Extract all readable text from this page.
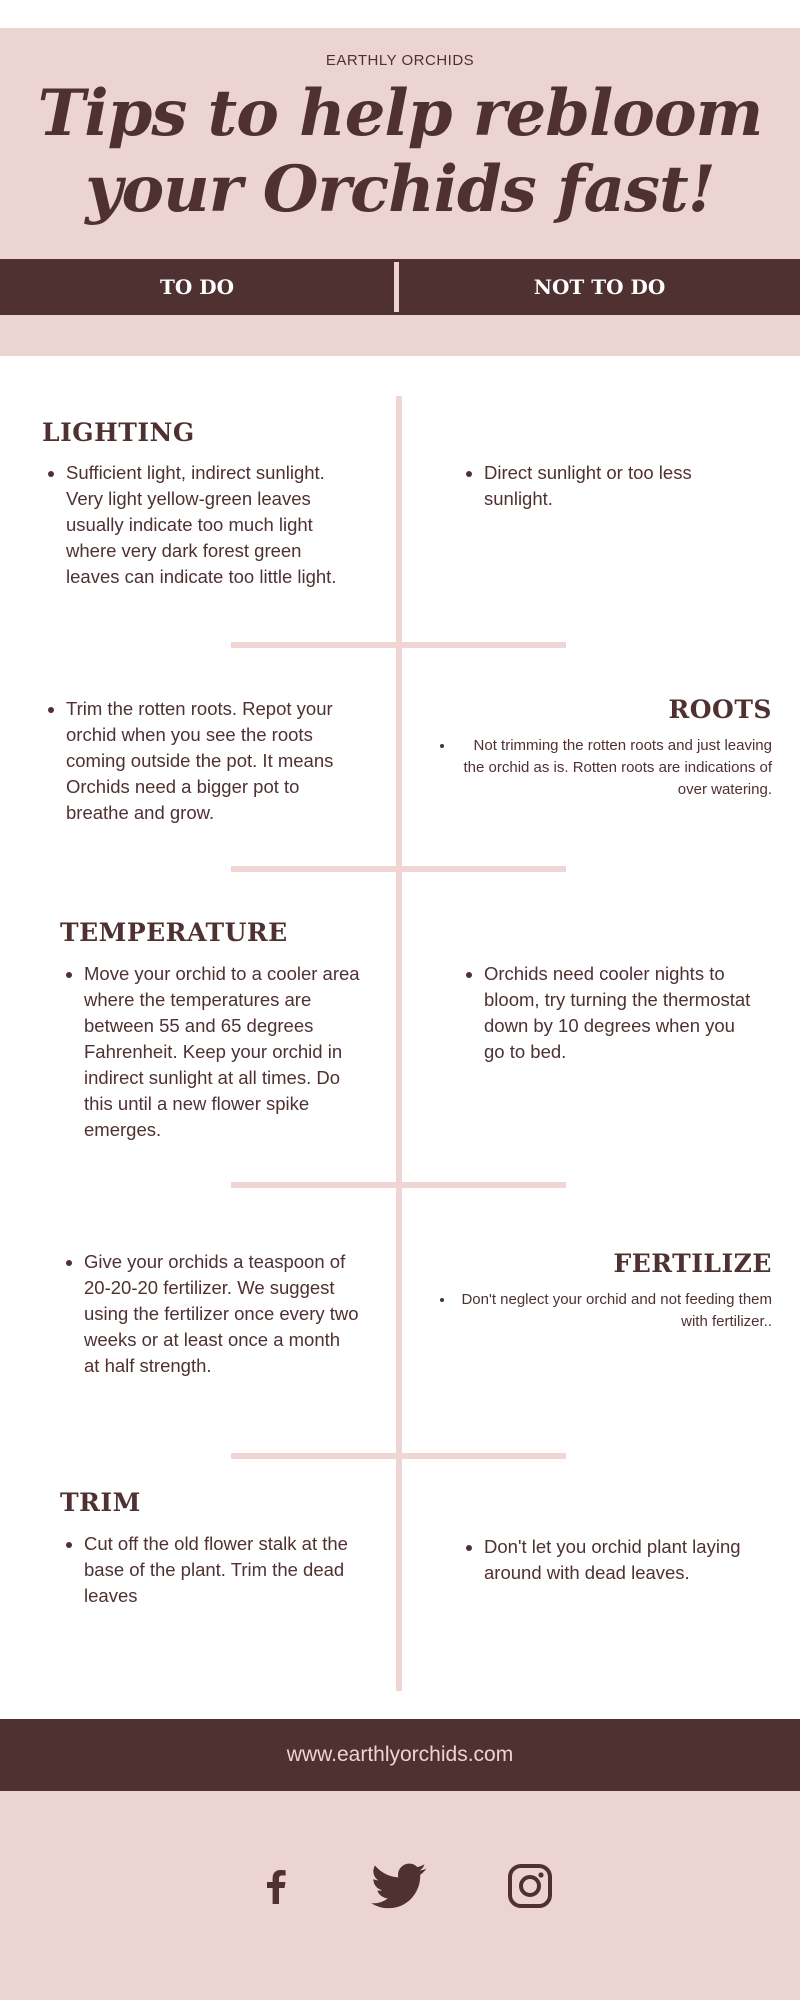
EARTHLY ORCHIDS
Tips to help rebloom
your Orchids fast!
TO DO	NOT TO DO
LIGHTING
• Sufficient light, indirect sunlight. Very light yellow-green leaves usually indicate too much light where very dark forest green leaves can indicate too little light.
• Direct sunlight or too less sunlight.
• Trim the rotten roots. Repot your orchid when you see the roots coming outside the pot. It means Orchids need a bigger pot to breathe and grow.
ROOTS
• Not trimming the rotten roots and just leaving the orchid as is. Rotten roots are indications of over watering.
TEMPERATURE
• Move your orchid to a cooler area where the temperatures are between 55 and 65 degrees Fahrenheit. Keep your orchid in indirect sunlight at all times. Do this until a new flower spike emerges.
• Orchids need cooler nights to bloom, try turning the thermostat down by 10 degrees when you go to bed.
• Give your orchids a teaspoon of 20-20-20 fertilizer. We suggest using the fertilizer once every two weeks or at least once a month at half strength.
FERTILIZE
• Don't neglect your orchid and not feeding them with fertilizer..
TRIM
• Cut off the old flower stalk at the base of the plant. Trim the dead leaves
• Don't let you orchid plant laying around with dead leaves.
www.earthlyorchids.com
